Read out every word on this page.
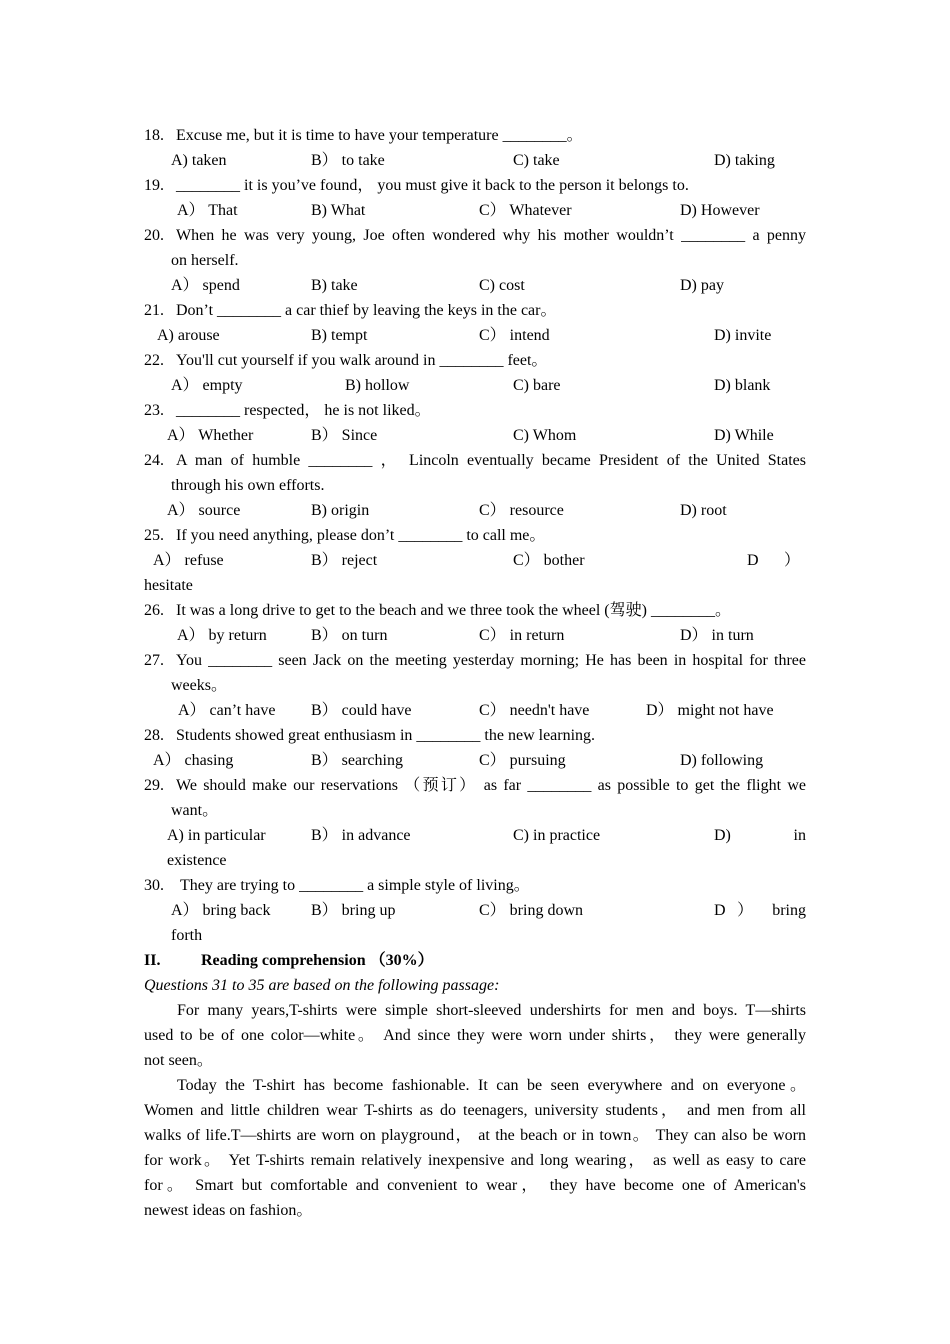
18. Excuse me, but it is time to have your temperature ________。
A) taken	B） to take	C) take	D) taking
19. ________ it is you’ve found， you must give it back to the person it belongs to.
A） That	B) What	C） Whatever	D) However
20. When he was very young, Joe often wondered why his mother wouldn’t ________ a penny
on herself.
A） spend	B) take	C) cost	D) pay
21. Don’t ________ a car thief by leaving the keys in the car。
A) arouse	B) tempt	C） intend	D) invite
22. You'll cut yourself if you walk around in ________ feet。
A） empty	B) hollow	C) bare	D) blank
23. ________ respected， he is not liked。
A） Whether	B） Since	C) Whom	D) While
24. A man of humble ________ ， Lincoln eventually became President of the United States
through his own efforts.
A） source	B) origin	C） resource	D) root
25. If you need anything, please don’t ________ to call me。
A） refuse	B） reject	C） bother	D ）
hesitate
26. It was a long drive to get to the beach and we three took the wheel (驾驶) ________。
A） by return	B） on turn	C） in return	D） in turn
27. You ________ seen Jack on the meeting yesterday morning; He has been in hospital for three
weeks。
A） can’t have B） could have	C） needn't have	D） might not have
28. Students showed great enthusiasm in ________ the new learning.
A） chasing	B） searching	C） pursuing	D) following
29. We should make our reservations （预订） as far ________ as possible to get the flight we
want。
A) in particular	B） in advance	C) in practice	D) in
existence
30. They are trying to ________ a simple style of living。
A） bring back	B） bring up	C） bring down	D ） bring
forth
II.	Reading comprehension （30%）
Questions 31 to 35 are based on the following passage:
For many years,T-shirts were simple short-sleeved undershirts for men and boys. T—shirts
used to be of one color—white。 And since they were worn under shirts， they were generally
not seen。
Today the T-shirt has become fashionable. It can be seen everywhere and on everyone。
Women and little children wear T-shirts as do teenagers, university students， and men from all
walks of life.T—shirts are worn on playground， at the beach or in town。 They can also be worn
for work。 Yet T-shirts remain relatively inexpensive and long wearing， as well as easy to care
for。 Smart but comfortable and convenient to wear， they have become one of American's
newest ideas on fashion。
